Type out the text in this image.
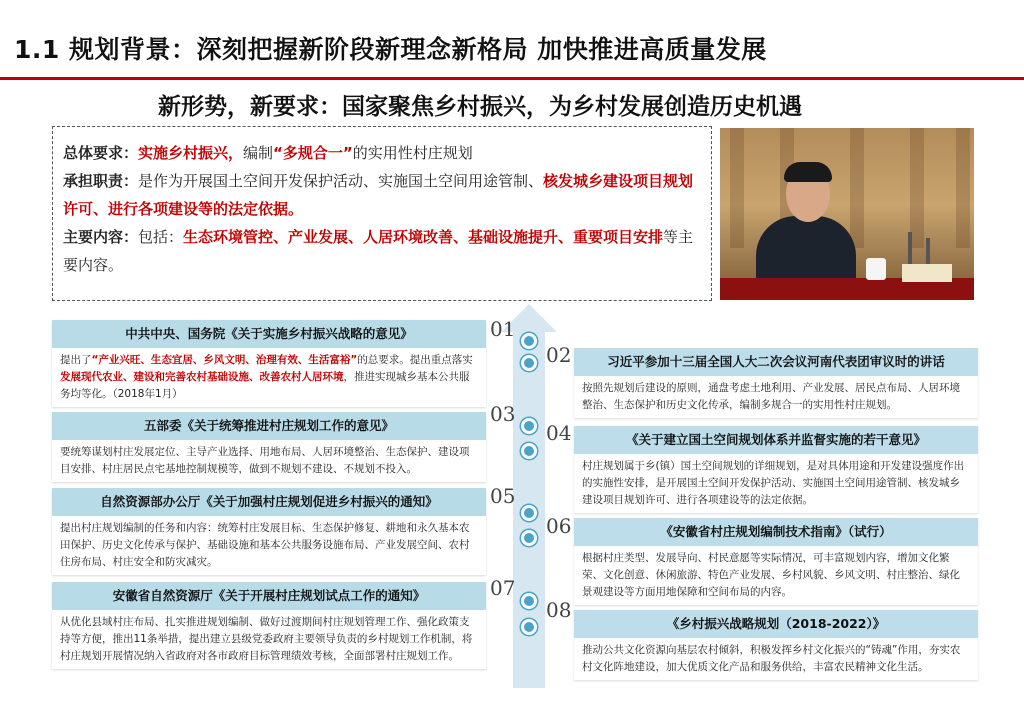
1.1 规划背景：深刻把握新阶段新理念新格局 加快推进高质量发展
新形势，新要求：国家聚焦乡村振兴，为乡村发展创造历史机遇
总体要求：实施乡村振兴，编制“多规合一”的实用性村庄规划
承担职责：是作为开展国土空间开发保护活动、实施国土空间用途管制、核发城乡建设项目规划许可、进行各项建设等的法定依据。
主要内容：包括：生态环境管控、产业发展、人居环境改善、基础设施提升、重要项目安排等主要内容。
01
02
03
04
05
06
07
08
中共中央、国务院《关于实施乡村振兴战略的意见》
提出了“产业兴旺、生态宜居、乡风文明、治理有效、生活富裕”的总要求。提出重点落实发展现代农业、建设和完善农村基础设施、改善农村人居环境，推进实现城乡基本公共服务均等化。（2018年1月）
五部委《关于统筹推进村庄规划工作的意见》
要统筹谋划村庄发展定位、主导产业选择、用地布局、人居环境整治、生态保护、建设项目安排、村庄居民点宅基地控制规模等，做到不规划不建设、不规划不投入。
自然资源部办公厅《关于加强村庄规划促进乡村振兴的通知》
提出村庄规划编制的任务和内容：统筹村庄发展目标、生态保护修复、耕地和永久基本农田保护、历史文化传承与保护、基础设施和基本公共服务设施布局、产业发展空间、农村住房布局、村庄安全和防灾减灾。
安徽省自然资源厅《关于开展村庄规划试点工作的通知》
从优化县域村庄布局、扎实推进规划编制、做好过渡期间村庄规划管理工作、强化政策支持等方便，推出11条举措，提出建立县级党委政府主要领导负责的乡村规划工作机制，将村庄规划开展情况纳入省政府对各市政府目标管理绩效考核，全面部署村庄规划工作。
习近平参加十三届全国人大二次会议河南代表团审议时的讲话
按照先规划后建设的原则，通盘考虑土地利用、产业发展、居民点布局、人居环境整治、生态保护和历史文化传承，编制多规合一的实用性村庄规划。
《关于建立国土空间规划体系并监督实施的若干意见》
村庄规划属于乡(镇）国土空间规划的详细规划，是对具体用途和开发建设强度作出的实施性安排，是开展国土空间开发保护活动、实施国土空间用途管制、核发城乡建设项目规划许可、进行各项建设等的法定依据。
《安徽省村庄规划编制技术指南》（试行）
根据村庄类型、发展导向、村民意愿等实际情况，可丰富规划内容，增加文化繁荣、文化创意、休闲旅游、特色产业发展、乡村风貌、乡风文明、村庄整治、绿化景观建设等方面用地保障和空间布局的内容。
《乡村振兴战略规划（2018-2022）》
推动公共文化资源向基层农村倾斜，积极发挥乡村文化振兴的“铸魂”作用，夯实农村文化阵地建设，加大优质文化产品和服务供给，丰富农民精神文化生活。
